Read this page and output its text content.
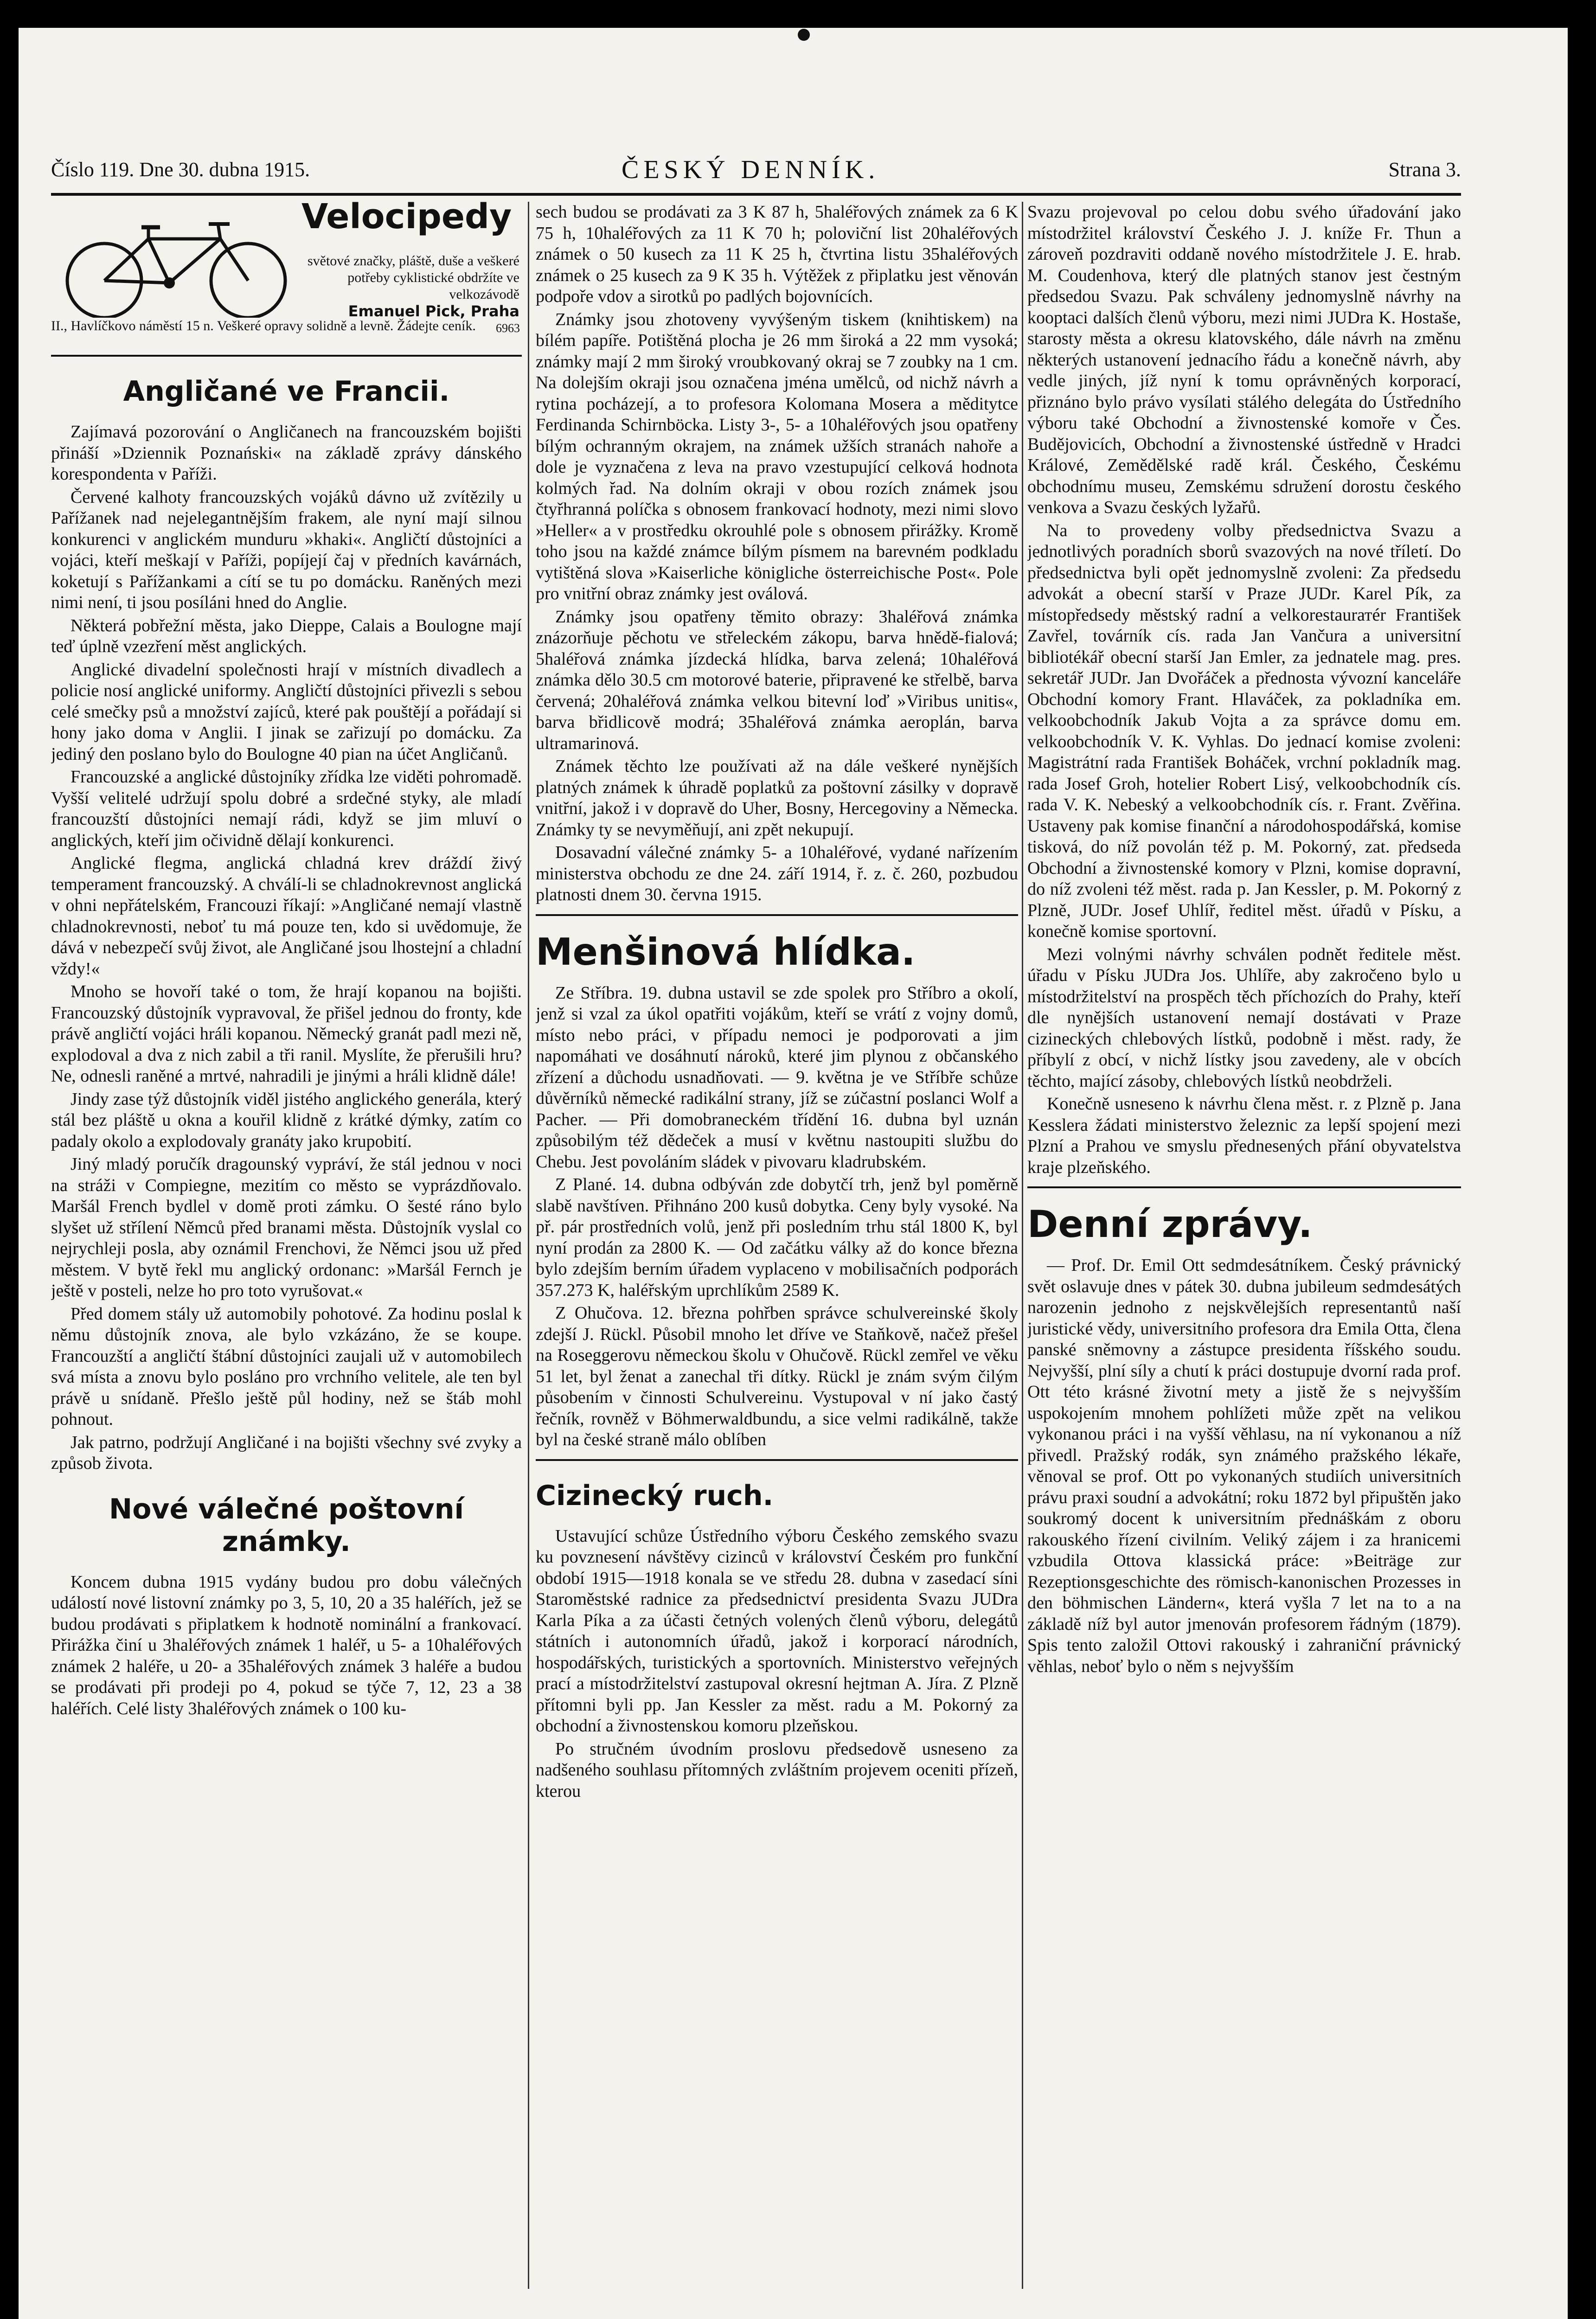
Číslo 119. Dne 30. dubna 1915.	ČESKÝ DENNÍK.	Strana 3.
Velocipedy
světové značky, pláště, duše a veškeré potřeby cyklistické obdržíte ve velkozávodě
Emanuel Pick, Praha
II., Havlíčkovo náměstí 15 n. Veškeré opravy solidně a levně. Žádejte ceník.	6963
Angličané ve Francii.

Zajímavá pozorování o Angličanech na francouzském bojišti přináší »Dziennik Poznański« na základě zprávy dánského korespondenta v Paříži.

Červené kalhoty francouzských vojáků dávno už zvítězily u Pařížanek nad nejelegantnějším frakem, ale nyní mají silnou konkurenci v anglickém munduru »khaki«. Angličtí důstojníci a vojáci, kteří meškají v Paříži, popíjejí čaj v předních kavárnách, koketují s Pařížankami a cítí se tu po domácku. Raněných mezi nimi není, ti jsou posíláni hned do Anglie.

Některá pobřežní města, jako Dieppe, Calais a Boulogne mají teď úplně vzezření měst anglických.

Anglické divadelní společnosti hrají v místních divadlech a policie nosí anglické uniformy. Angličtí důstojníci přivezli s sebou celé smečky psů a množství zajíců, které pak pouštějí a pořádají si hony jako doma v Anglii. I jinak se zařizují po domácku. Za jediný den poslano bylo do Boulogne 40 pian na účet Angličanů.

Francouzské a anglické důstojníky zřídka lze viděti pohromadě. Vyšší velitelé udržují spolu dobré a srdečné styky, ale mladí francouzští důstojníci nemají rádi, když se jim mluví o anglických, kteří jim očividně dělají konkurenci.

Anglické flegma, anglická chladná krev dráždí živý temperament francouzský. A chválí-li se chladnokrevnost anglická v ohni nepřátelském, Francouzi říkají: »Angličané nemají vlastně chladnokrevnosti, neboť tu má pouze ten, kdo si uvědomuje, že dává v nebezpečí svůj život, ale Angličané jsou lhostejní a chladní vždy!«

Mnoho se hovoří také o tom, že hrají kopanou na bojišti. Francouzský důstojník vypravoval, že přišel jednou do fronty, kde právě angličtí vojáci hráli kopanou. Německý granát padl mezi ně, explodoval a dva z nich zabil a tři ranil. Myslíte, že přerušili hru? Ne, odnesli raněné a mrtvé, nahradili je jinými a hráli klidně dále!

Jindy zase týž důstojník viděl jistého anglického generála, který stál bez pláště u okna a kouřil klidně z krátké dýmky, zatím co padaly okolo a explodovaly granáty jako krupobití.

Jiný mladý poručík dragounský vypráví, že stál jednou v noci na stráži v Compiegne, mezitím co město se vyprázdňovalo. Maršál French bydlel v domě proti zámku. O šesté ráno bylo slyšet už střílení Němců před branami města. Důstojník vyslal co nejrychleji posla, aby oznámil Frenchovi, že Němci jsou už před městem. V bytě řekl mu anglický ordonanc: »Maršál Fernch je ještě v posteli, nelze ho pro toto vyrušovat.«

Před domem stály už automobily pohotové. Za hodinu poslal k němu důstojník znova, ale bylo vzkázáno, že se koupe. Francouzští a angličtí štábní důstojníci zaujali už v automobilech svá místa a znovu bylo posláno pro vrchního velitele, ale ten byl právě u snídaně. Přešlo ještě půl hodiny, než se štáb mohl pohnout.

Jak patrno, podržují Angličané i na bojišti všechny své zvyky a způsob života.

Nové válečné poštovní známky.

Koncem dubna 1915 vydány budou pro dobu válečných událostí nové listovní známky po 3, 5, 10, 20 a 35 haléřích, jež se budou prodávati s připlatkem k hodnotě nominální a frankovací. Přirážka činí u 3haléřových známek 1 haléř, u 5- a 10haléřových známek 2 haléře, u 20- a 35haléřových známek 3 haléře a budou se prodávati při prodeji po 4, pokud se týče 7, 12, 23 a 38 haléřích. Celé listy 3haléřových známek o 100 ku-

sech budou se prodávati za 3 K 87 h, 5haléřových známek za 6 K 75 h, 10haléřových za 11 K 70 h; poloviční list 20haléřových známek o 50 kusech za 11 K 25 h, čtvrtina listu 35haléřových známek o 25 kusech za 9 K 35 h. Výtěžek z připlatku jest věnován podpoře vdov a sirotků po padlých bojovnících.

Známky jsou zhotoveny vyvýšeným tiskem (knihtiskem) na bílém papíře. Potištěná plocha je 26 mm široká a 22 mm vysoká; známky mají 2 mm široký vroubkovaný okraj se 7 zoubky na 1 cm. Na dolejším okraji jsou označena jména umělců, od nichž návrh a rytina pocházejí, a to profesora Kolomana Mosera a měditytce Ferdinanda Schirnböcka. Listy 3-, 5- a 10haléřových jsou opatřeny bílým ochranným okrajem, na známek užších stranách nahoře a dole je vyznačena z leva na pravo vzestupující celková hodnota kolmých řad. Na dolním okraji v obou rozích známek jsou čtyřhranná políčka s obnosem frankovací hodnoty, mezi nimi slovo »Heller« a v prostředku okrouhlé pole s obnosem přirážky. Kromě toho jsou na každé známce bílým písmem na barevném podkladu vytištěná slova »Kaiserliche königliche österreichische Post«. Pole pro vnitřní obraz známky jest oválová.

Známky jsou opatřeny těmito obrazy: 3haléřová známka znázorňuje pěchotu ve střeleckém zákopu, barva hnědě-fialová; 5haléřová známka jízdecká hlídka, barva zelená; 10haléřová známka dělo 30.5 cm motorové baterie, připravené ke střelbě, barva červená; 20haléřová známka velkou bitevní loď »Viribus unitis«, barva břidlicově modrá; 35haléřová známka aeroplán, barva ultramarinová.

Známek těchto lze používati až na dále veškeré nynějších platných známek k úhradě poplatků za poštovní zásilky v dopravě vnitřní, jakož i v dopravě do Uher, Bosny, Hercegoviny a Německa. Známky ty se nevyměňují, ani zpět nekupují.

Dosavadní válečné známky 5- a 10haléřové, vydané nařízením ministerstva obchodu ze dne 24. září 1914, ř. z. č. 260, pozbudou platnosti dnem 30. června 1915.

Menšinová hlídka.

Ze Stříbra. 19. dubna ustavil se zde spolek pro Stříbro a okolí, jenž si vzal za úkol opatřiti vojákům, kteří se vrátí z vojny domů, místo nebo práci, v případu nemoci je podporovati a jim napomáhati ve dosáhnutí nároků, které jim plynou z občanského zřízení a důchodu usnadňovati. — 9. května je ve Stříbře schůze důvěrníků německé radikální strany, jíž se zúčastní poslanci Wolf a Pacher. — Při domobraneckém třídění 16. dubna byl uznán způsobilým též dědeček a musí v květnu nastoupiti službu do Chebu. Jest povoláním sládek v pivovaru kladrubském.

Z Plané. 14. dubna odbýván zde dobytčí trh, jenž byl poměrně slabě navštíven. Přihnáno 200 kusů dobytka. Ceny byly vysoké. Na př. pár prostředních volů, jenž při posledním trhu stál 1800 K, byl nyní prodán za 2800 K. — Od začátku války až do konce března bylo zdejším berním úřadem vyplaceno v mobilisačních podporách 357.273 K, haléřským uprchlíkům 2589 K.

Z Ohučova. 12. března pohřben správce schulvereinské školy zdejší J. Rückl. Působil mnoho let dříve ve Staňkově, načež přešel na Roseggerovu německou školu v Ohučově. Rückl zemřel ve věku 51 let, byl ženat a zanechal tři dítky. Rückl je znám svým čilým působením v činnosti Schulvereinu. Vystupoval v ní jako častý řečník, rovněž v Böhmerwaldbundu, a sice velmi radikálně, takže byl na české straně málo oblíben

Cizinecký ruch.

Ustavující schůze Ústředního výboru Českého zemského svazu ku povznesení návštěvy cizinců v království Českém pro funkční období 1915—1918 konala se ve středu 28. dubna v zasedací síni Staroměstské radnice za předsednictví presidenta Svazu JUDra Karla Píka a za účasti četných volených členů výboru, delegátů státních i autonomních úřadů, jakož i korporací národních, hospodářských, turistických a sportovních. Ministerstvo veřejných prací a místodržitelství zastupoval okresní hejtman A. Jíra. Z Plzně přítomni byli pp. Jan Kessler za měst. radu a M. Pokorný za obchodní a živnostenskou komoru plzeňskou.

Po stručném úvodním proslovu předsedově usneseno za nadšeného souhlasu přítomných zvláštním projevem oceniti přízeň, kterou

Svazu projevoval po celou dobu svého úřadování jako místodržitel království Českého J. J. kníže Fr. Thun a zároveň pozdraviti oddaně nového místodržitele J. E. hrab. M. Coudenhova, který dle platných stanov jest čestným předsedou Svazu. Pak schváleny jednomyslně návrhy na kooptaci dalších členů výboru, mezi nimi JUDra K. Hostaše, starosty města a okresu klatovského, dále návrh na změnu některých ustanovení jednacího řádu a konečně návrh, aby vedle jiných, jíž nyní k tomu oprávněných korporací, přiznáno bylo právo vysílati stálého delegáta do Ústředního výboru také Obchodní a živnostenské komoře v Čes. Budějovicích, Obchodní a živnostenské ústředně v Hradci Králové, Zemědělské radě král. Českého, Českému obchodnímu museu, Zemskému sdružení dorostu českého venkova a Svazu českých lyžařů.

Na to provedeny volby předsednictva Svazu a jednotlivých poradních sborů svazových na nové tříletí. Do předsednictva byli opět jednomyslně zvoleni: Za předsedu advokát a obecní starší v Praze JUDr. Karel Pík, za místopředsedy městský radní a velkorestaurатér František Zavřel, továrník cís. rada Jan Vančura a universitní bibliotékář obecní starší Jan Emler, za jednatele mag. pres. sekretář JUDr. Jan Dvořáček a přednosta vývozní kanceláře Obchodní komory Frant. Hlaváček, za pokladníka em. velkoobchodník Jakub Vojta a za správce domu em. velkoobchodník V. K. Vyhlas. Do jednací komise zvoleni: Magistrátní rada František Boháček, vrchní pokladník mag. rada Josef Groh, hotelier Robert Lisý, velkoobchodník cís. rada V. K. Nebeský a velkoobchodník cís. r. Frant. Zvěřina. Ustaveny pak komise finanční a národohospodářská, komise tisková, do níž povolán též p. M. Pokorný, zat. předseda Obchodní a živnostenské komory v Plzni, komise dopravní, do níž zvoleni též měst. rada p. Jan Kessler, p. M. Pokorný z Plzně, JUDr. Josef Uhlíř, ředitel měst. úřadů v Písku, a konečně komise sportovní.

Mezi volnými návrhy schválen podnět ředitele měst. úřadu v Písku JUDra Jos. Uhlíře, aby zakročeno bylo u místodržitelství na prospěch těch příchozích do Prahy, kteří dle nynějších ustanovení nemají dostávati v Praze cizineckých chlebových lístků, podobně i měst. rady, že příbylí z obcí, v nichž lístky jsou zavedeny, ale v obcích těchto, mající zásoby, chlebových lístků neobdrželi.

Konečně usneseno k návrhu člena měst. r. z Plzně p. Jana Kesslera žádati ministerstvo železnic za lepší spojení mezi Plzní a Prahou ve smyslu přednesených přání obyvatelstva kraje plzeňského.

Denní zprávy.

— Prof. Dr. Emil Ott sedmdesátníkem. Český právnický svět oslavuje dnes v pátek 30. dubna jubileum sedmdesátých narozenin jednoho z nejskvělejších representantů naší juristické vědy, universitního profesora dra Emila Otta, člena panské sněmovny a zástupce presidenta říšského soudu. Nejvyšší, plní síly a chutí k práci dostupuje dvorní rada prof. Ott této krásné životní mety a jistě že s nejvyšším uspokojením mnohem pohlížeti může zpět na velikou vykonanou práci i na vyšší věhlasu, na ní vykonanou a níž přivedl. Pražský rodák, syn známého pražského lékaře, věnoval se prof. Ott po vykonaných studiích universitních právu praxi soudní a advokátní; roku 1872 byl připuštěn jako soukromý docent k universitním přednáškám z oboru rakouského řízení civilním. Veliký zájem i za hranicemi vzbudila Ottova klassická práce: »Beiträge zur Rezeptionsgeschichte des römisch-kanonischen Prozesses in den böhmischen Ländern«, která vyšla 7 let na to a na základě níž byl autor jmenován profesorem řádným (1879). Spis tento založil Ottovi rakouský i zahraniční právnický věhlas, neboť bylo o něm s nejvyšším
